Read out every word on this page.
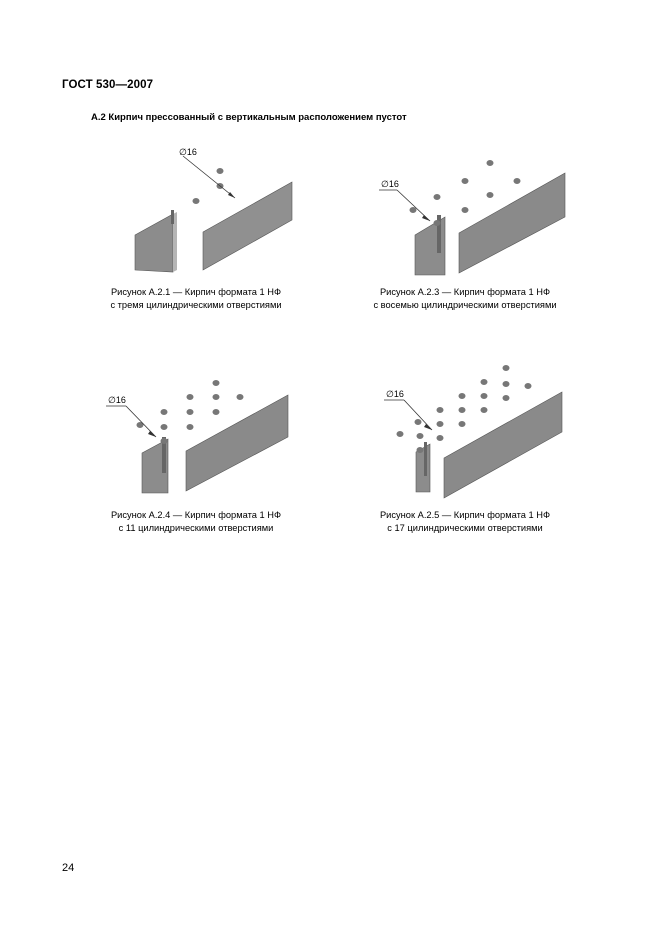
ГОСТ 530—2007
А.2 Кирпич прессованный с вертикальным расположением пустот
∅16
Рисунок А.2.1 — Кирпич формата 1 НФ
с тремя цилиндрическими отверстиями
∅16
Рисунок А.2.3 — Кирпич формата 1 НФ
с восемью цилиндрическими отверстиями
∅16
Рисунок А.2.4 — Кирпич формата 1 НФ
с 11 цилиндрическими отверстиями
∅16
Рисунок А.2.5 — Кирпич формата 1 НФ
с 17 цилиндрическими отверстиями
24
